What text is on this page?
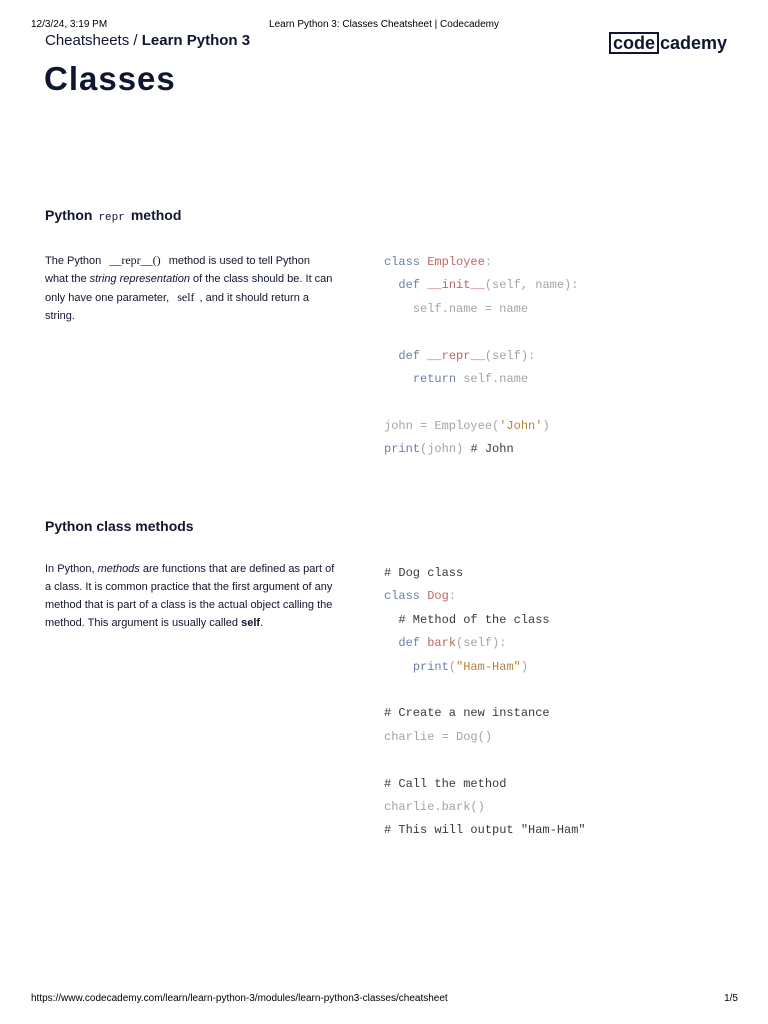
12/3/24, 3:19 PM	Learn Python 3: Classes Cheatsheet | Codecademy
Cheatsheets / Learn Python 3	code cademy
Classes
Python repr method

The Python __repr__() method is used to tell Python what the string representation of the class should be. It can only have one parameter, self , and it should return a string.

class Employee:
def __init__(self, name):
self.name = name

def __repr__(self):
return self.name

john = Employee('John')
print(john) # John
Python class methods

In Python, methods are functions that are defined as part of a class. It is common practice that the first argument of any method that is part of a class is the actual object calling the method. This argument is usually called self.

# Dog class
class Dog:
# Method of the class
def bark(self):
print("Ham-Ham")

# Create a new instance
charlie = Dog()

# Call the method
charlie.bark()
# This will output "Ham-Ham"
https://www.codecademy.com/learn/learn-python-3/modules/learn-python3-classes/cheatsheet	1/5
